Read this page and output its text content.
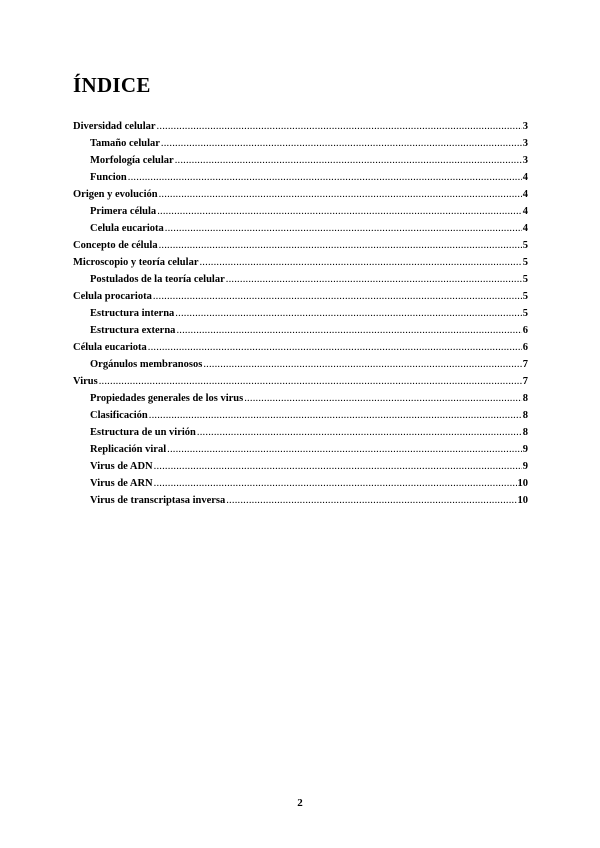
ÍNDICE
Diversidad celular .....	3
Tamaño celular .....	3
Morfología celular .....	3
Funcion .....	4
Origen y evolución .....	4
Primera célula .....	4
Celula eucariota .....	4
Concepto de célula .....	5
Microscopio y teoría celular .....	5
Postulados de la teoría celular .....	5
Celula procariota .....	5
Estructura interna .....	5
Estructura externa .....	6
Célula eucariota .....	6
Orgánulos membranosos .....	7
Virus .....	7
Propiedades generales de los virus .....	8
Clasificación .....	8
Estructura de un virión .....	8
Replicación viral .....	9
Virus de ADN .....	9
Virus de ARN .....	10
Virus de transcriptasa inversa .....	10
2
